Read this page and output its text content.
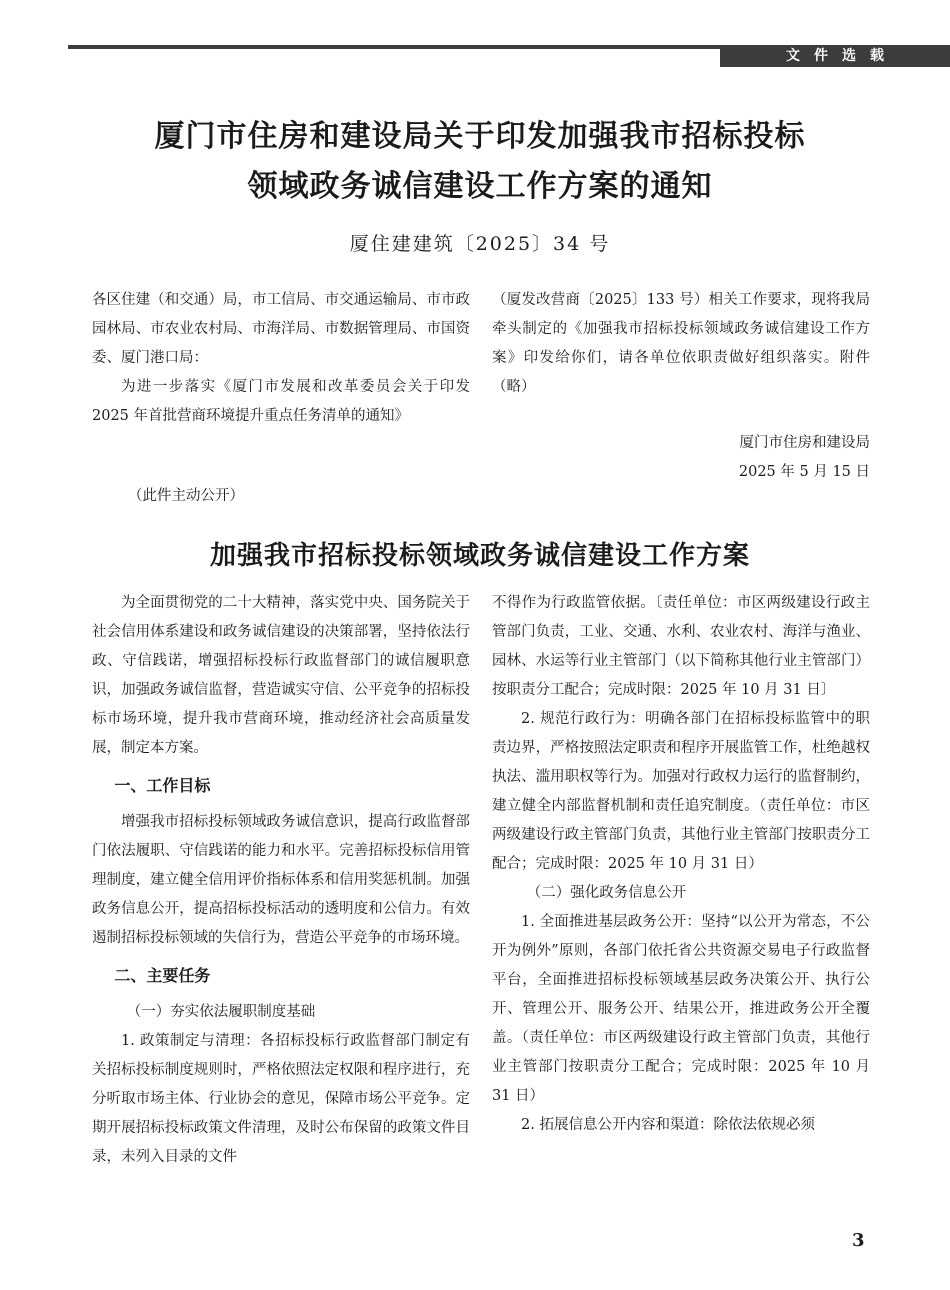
文件选载
厦门市住房和建设局关于印发加强我市招标投标
领域政务诚信建设工作方案的通知
厦住建建筑〔2025〕34 号

各区住建（和交通）局，市工信局、市交通运输局、市市政园林局、市农业农村局、市海洋局、市数据管理局、市国资委、厦门港口局：

为进一步落实《厦门市发展和改革委员会关于印发 2025 年首批营商环境提升重点任务清单的通知》

（厦发改营商〔2025〕133 号）相关工作要求，现将我局牵头制定的《加强我市招标投标领域政务诚信建设工作方案》印发给你们，请各单位依职责做好组织落实。附件（略）

厦门市住房和建设局

2025 年 5 月 15 日

（此件主动公开）
加强我市招标投标领域政务诚信建设工作方案

为全面贯彻党的二十大精神，落实党中央、国务院关于社会信用体系建设和政务诚信建设的决策部署，坚持依法行政、守信践诺，增强招标投标行政监督部门的诚信履职意识，加强政务诚信监督，营造诚实守信、公平竞争的招标投标市场环境，提升我市营商环境，推动经济社会高质量发展，制定本方案。

一、工作目标

增强我市招标投标领域政务诚信意识，提高行政监督部门依法履职、守信践诺的能力和水平。完善招标投标信用管理制度，建立健全信用评价指标体系和信用奖惩机制。加强政务信息公开，提高招标投标活动的透明度和公信力。有效遏制招标投标领域的失信行为，营造公平竞争的市场环境。

二、主要任务

（一）夯实依法履职制度基础

1. 政策制定与清理：各招标投标行政监督部门制定有关招标投标制度规则时，严格依照法定权限和程序进行，充分听取市场主体、行业协会的意见，保障市场公平竞争。定期开展招标投标政策文件清理，及时公布保留的政策文件目录，未列入目录的文件

不得作为行政监管依据。〔责任单位：市区两级建设行政主管部门负责，工业、交通、水利、农业农村、海洋与渔业、园林、水运等行业主管部门（以下简称其他行业主管部门）按职责分工配合；完成时限：2025 年 10 月 31 日〕

2. 规范行政行为：明确各部门在招标投标监管中的职责边界，严格按照法定职责和程序开展监管工作，杜绝越权执法、滥用职权等行为。加强对行政权力运行的监督制约，建立健全内部监督机制和责任追究制度。（责任单位：市区两级建设行政主管部门负责，其他行业主管部门按职责分工配合；完成时限：2025 年 10 月 31 日）

（二）强化政务信息公开

1. 全面推进基层政务公开：坚持“以公开为常态，不公开为例外”原则，各部门依托省公共资源交易电子行政监督平台，全面推进招标投标领域基层政务决策公开、执行公开、管理公开、服务公开、结果公开，推进政务公开全覆盖。（责任单位：市区两级建设行政主管部门负责，其他行业主管部门按职责分工配合；完成时限：2025 年 10 月 31 日）

2. 拓展信息公开内容和渠道：除依法依规必须

3
